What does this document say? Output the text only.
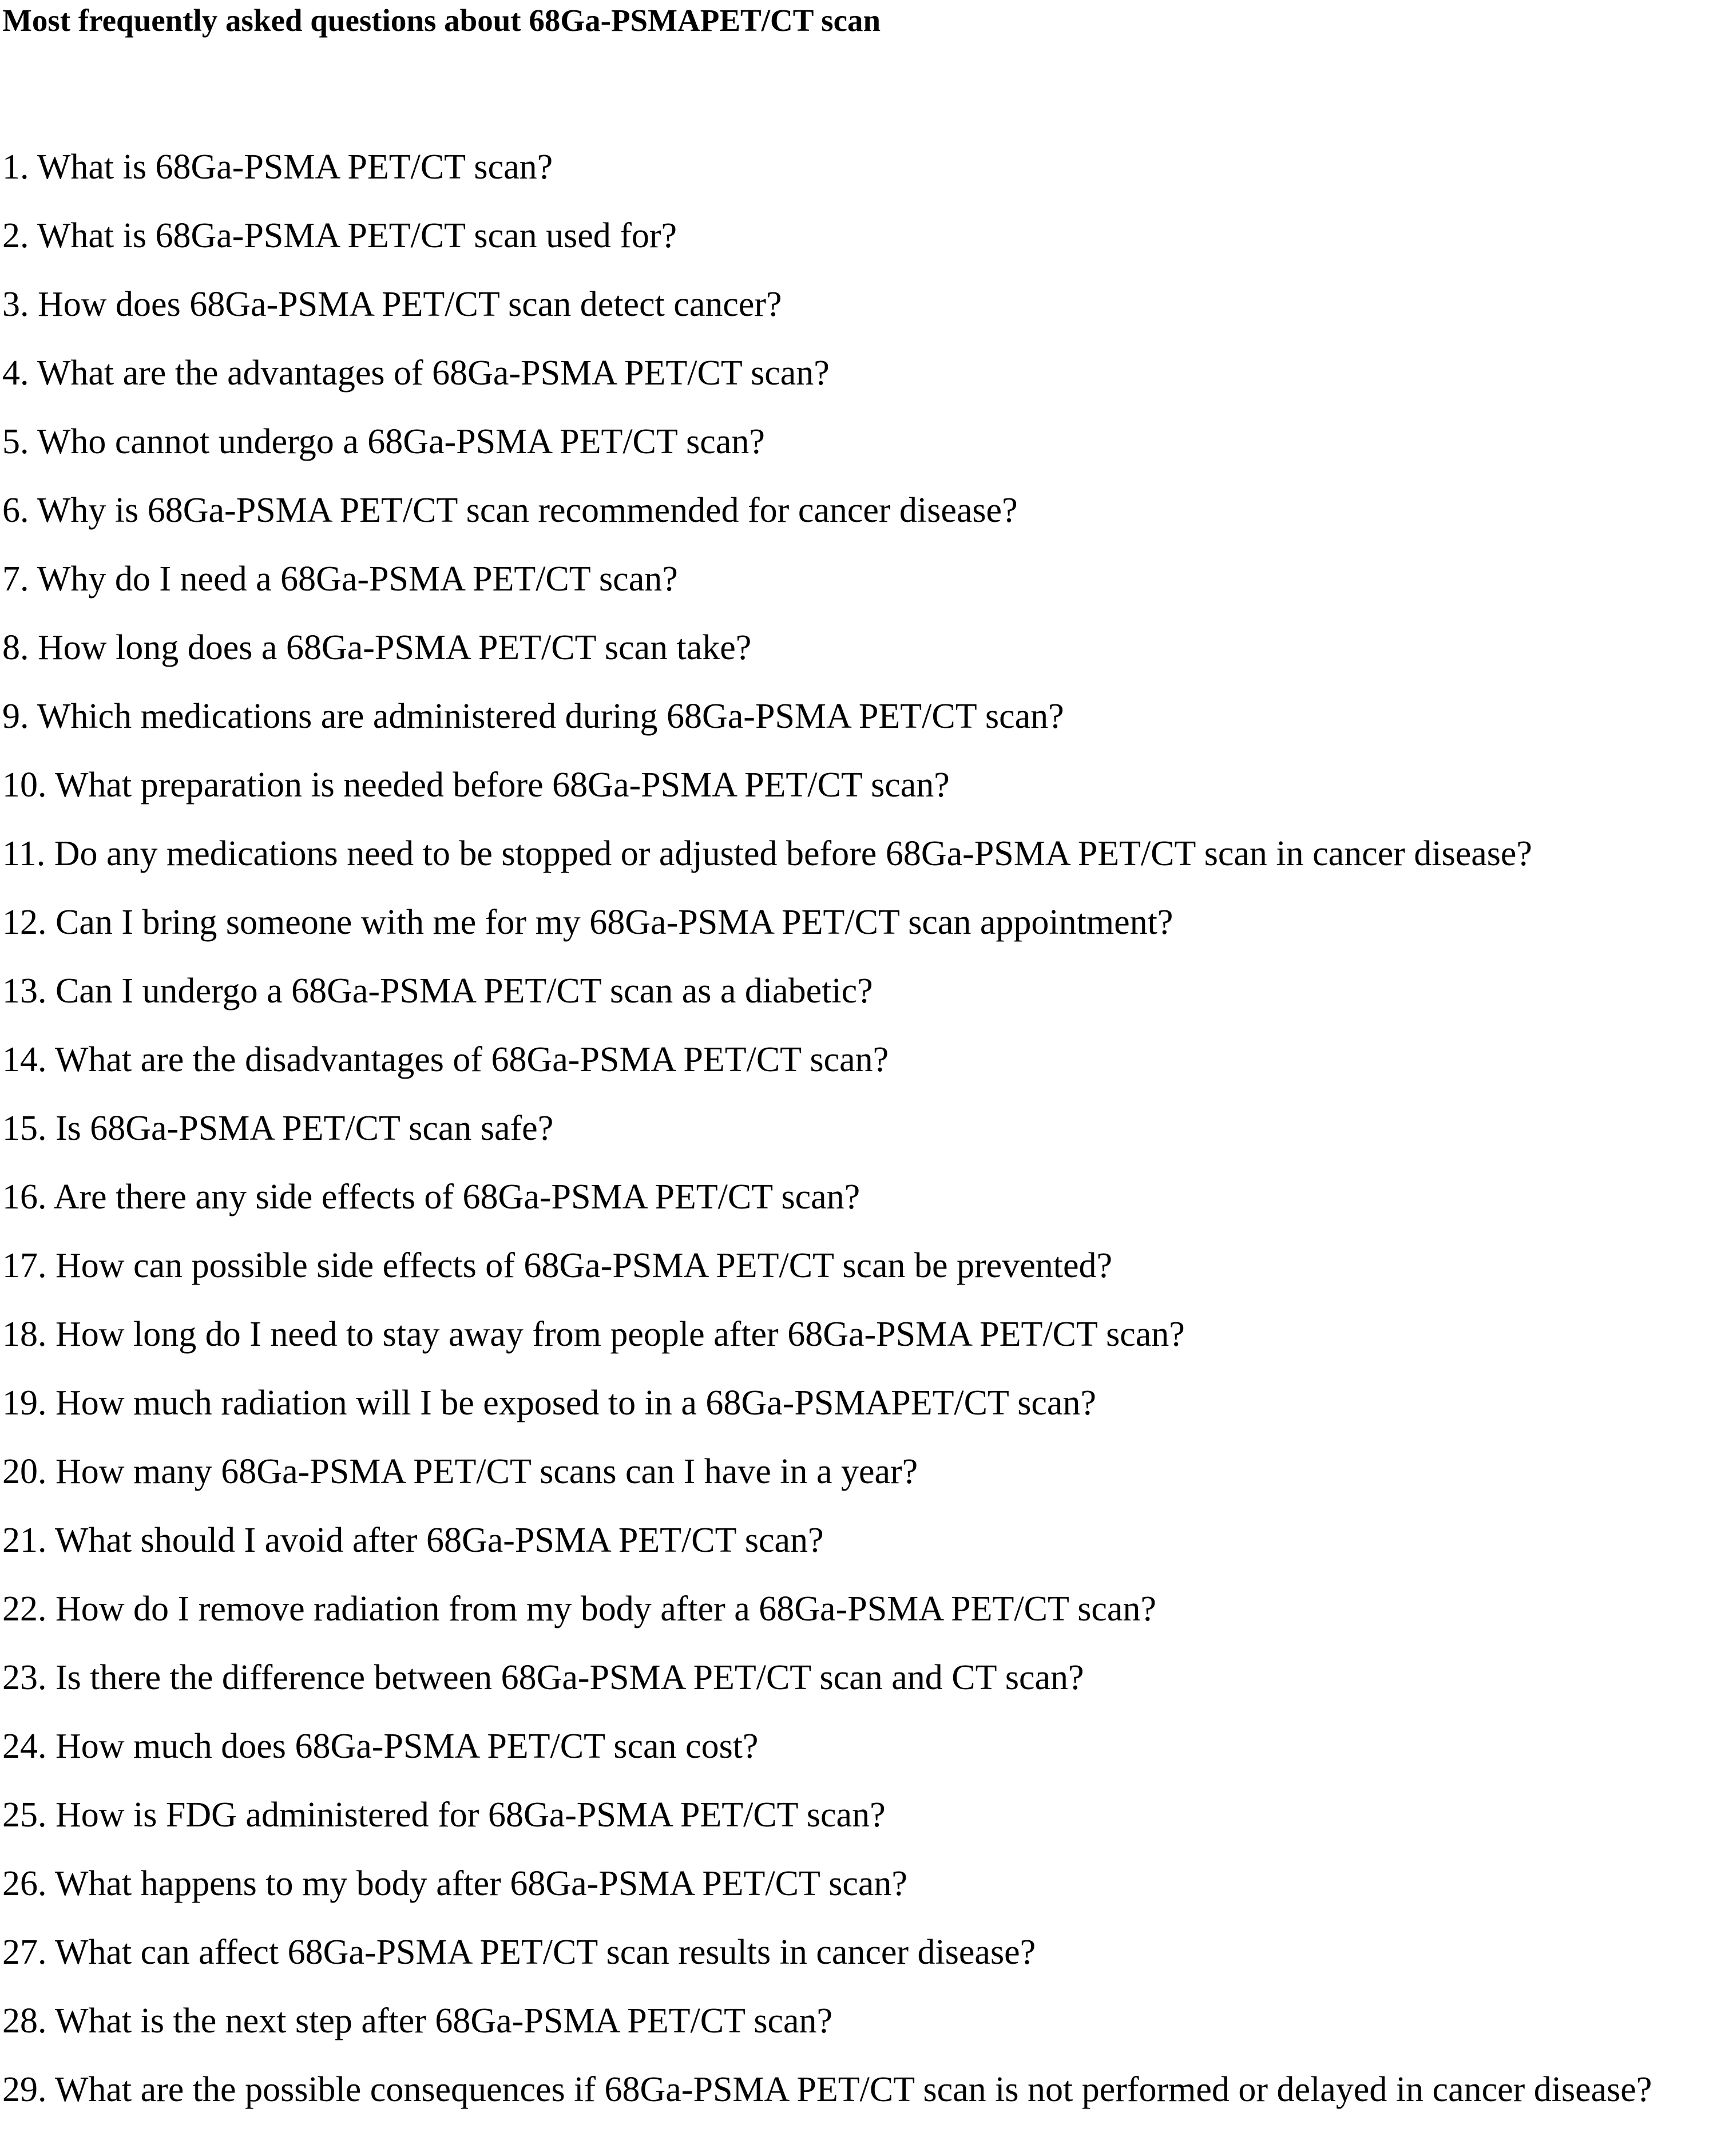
Most frequently asked questions about 68Ga-PSMAPET/CT scan
1. What is 68Ga-PSMA PET/CT scan?
2. What is 68Ga-PSMA PET/CT scan used for?
3. How does 68Ga-PSMA PET/CT scan detect cancer?
4. What are the advantages of 68Ga-PSMA PET/CT scan?
5. Who cannot undergo a 68Ga-PSMA PET/CT scan?
6. Why is 68Ga-PSMA PET/CT scan recommended for cancer disease?
7. Why do I need a 68Ga-PSMA PET/CT scan?
8. How long does a 68Ga-PSMA PET/CT scan take?
9. Which medications are administered during 68Ga-PSMA PET/CT scan?
10. What preparation is needed before 68Ga-PSMA PET/CT scan?
11. Do any medications need to be stopped or adjusted before 68Ga-PSMA PET/CT scan in cancer disease?
12. Can I bring someone with me for my 68Ga-PSMA PET/CT scan appointment?
13. Can I undergo a 68Ga-PSMA PET/CT scan as a diabetic?
14. What are the disadvantages of 68Ga-PSMA PET/CT scan?
15. Is 68Ga-PSMA PET/CT scan safe?
16. Are there any side effects of 68Ga-PSMA PET/CT scan?
17. How can possible side effects of 68Ga-PSMA PET/CT scan be prevented?
18. How long do I need to stay away from people after 68Ga-PSMA PET/CT scan?
19. How much radiation will I be exposed to in a 68Ga-PSMAPET/CT scan?
20. How many 68Ga-PSMA PET/CT scans can I have in a year?
21. What should I avoid after 68Ga-PSMA PET/CT scan?
22. How do I remove radiation from my body after a 68Ga-PSMA PET/CT scan?
23. Is there the difference between 68Ga-PSMA PET/CT scan and CT scan?
24. How much does 68Ga-PSMA PET/CT scan cost?
25. How is FDG administered for 68Ga-PSMA PET/CT scan?
26. What happens to my body after 68Ga-PSMA PET/CT scan?
27. What can affect 68Ga-PSMA PET/CT scan results in cancer disease?
28. What is the next step after 68Ga-PSMA PET/CT scan?
29. What are the possible consequences if 68Ga-PSMA PET/CT scan is not performed or delayed in cancer disease?
